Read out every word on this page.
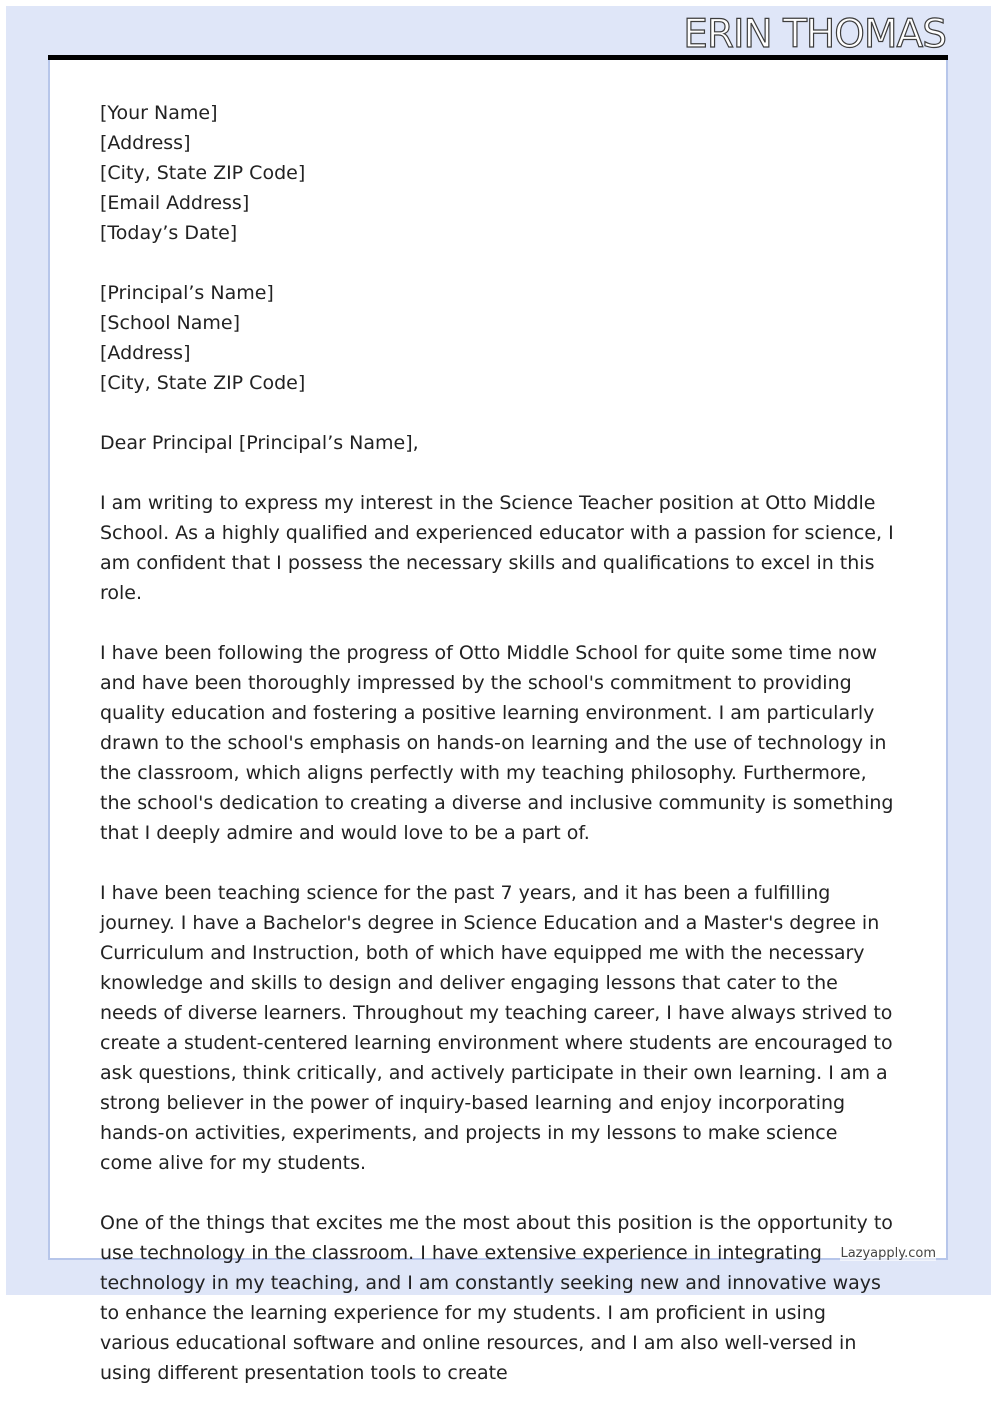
ERIN THOMAS
[Your Name]
[Address]
[City, State ZIP Code]
[Email Address]
[Today’s Date]
[Principal’s Name]
[School Name]
[Address]
[City, State ZIP Code]

Dear Principal [Principal’s Name],

I am writing to express my interest in the Science Teacher position at Otto Middle School. As a highly qualified and experienced educator with a passion for science, I am confident that I possess the necessary skills and qualifications to excel in this role.

I have been following the progress of Otto Middle School for quite some time now and have been thoroughly impressed by the school's commitment to providing quality education and fostering a positive learning environment. I am particularly drawn to the school's emphasis on hands-on learning and the use of technology in the classroom, which aligns perfectly with my teaching philosophy. Furthermore, the school's dedication to creating a diverse and inclusive community is something that I deeply admire and would love to be a part of.

I have been teaching science for the past 7 years, and it has been a fulfilling journey. I have a Bachelor's degree in Science Education and a Master's degree in Curriculum and Instruction, both of which have equipped me with the necessary knowledge and skills to design and deliver engaging lessons that cater to the needs of diverse learners. Throughout my teaching career, I have always strived to create a student-centered learning environment where students are encouraged to ask questions, think critically, and actively participate in their own learning. I am a strong believer in the power of inquiry-based learning and enjoy incorporating hands-on activities, experiments, and projects in my lessons to make science come alive for my students.

One of the things that excites me the most about this position is the opportunity to use technology in the classroom. I have extensive experience in integrating technology in my teaching, and I am constantly seeking new and innovative ways to enhance the learning experience for my students. I am proficient in using various educational software and online resources, and I am also well-versed in using different presentation tools to create

Lazyapply.com
